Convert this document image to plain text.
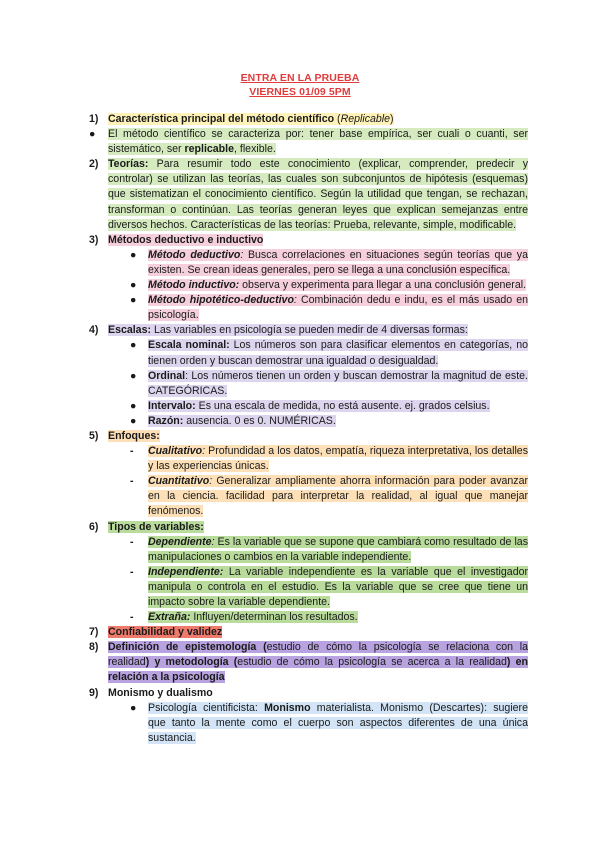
ENTRA EN LA PRUEBA
VIERNES 01/09 5PM
1) Característica principal del método científico (Replicable)
●	El método científico se caracteriza por: tener base empírica, ser cuali o cuanti, ser sistemático, ser replicable, flexible.
2) Teorías: Para resumir todo este conocimiento (explicar, comprender, predecir y controlar) se utilizan las teorías, las cuales son subconjuntos de hipótesis (esquemas) que sistematizan el conocimiento científico. Según la utilidad que tengan, se rechazan, transforman o continúan. Las teorías generan leyes que explican semejanzas entre diversos hechos. Características de las teorías: Prueba, relevante, simple, modificable.
3) Métodos deductivo e inductivo
●	Método deductivo: Busca correlaciones en situaciones según teorías que ya existen. Se crean ideas generales, pero se llega a una conclusión específica.
●	Método inductivo: observa y experimenta para llegar a una conclusión general.
●	Método hipotético-deductivo: Combinación dedu e indu, es el más usado en psicología.
4) Escalas: Las variables en psicología se pueden medir de 4 diversas formas:
●	Escala nominal: Los números son para clasificar elementos en categorías, no tienen orden y buscan demostrar una igualdad o desigualdad.
●	Ordinal: Los números tienen un orden y buscan demostrar la magnitud de este. CATEGÓRICAS.
●	Intervalo: Es una escala de medida, no está ausente. ej. grados celsius.
●	Razón: ausencia. 0 es 0. NUMÉRICAS.
5) Enfoques:
- Cualitativo: Profundidad a los datos, empatía, riqueza interpretativa, los detalles y las experiencias únicas.
- Cuantitativo: Generalizar ampliamente ahorra información para poder avanzar en la ciencia. facilidad para interpretar la realidad, al igual que manejar fenómenos.
6) Tipos de variables:
- Dependiente: Es la variable que se supone que cambiará como resultado de las manipulaciones o cambios en la variable independiente.
- Independiente: La variable independiente es la variable que el investigador manipula o controla en el estudio. Es la variable que se cree que tiene un impacto sobre la variable dependiente.
- Extraña: Influyen/determinan los resultados.
7) Confiabilidad y validez
8) Definición de epistemología (estudio de cómo la psicología se relaciona con la realidad) y metodología (estudio de cómo la psicología se acerca a la realidad) en relación a la psicología
9) Monismo y dualismo
●	Psicología cientificista: Monismo materialista. Monismo (Descartes): sugiere que tanto la mente como el cuerpo son aspectos diferentes de una única sustancia.
